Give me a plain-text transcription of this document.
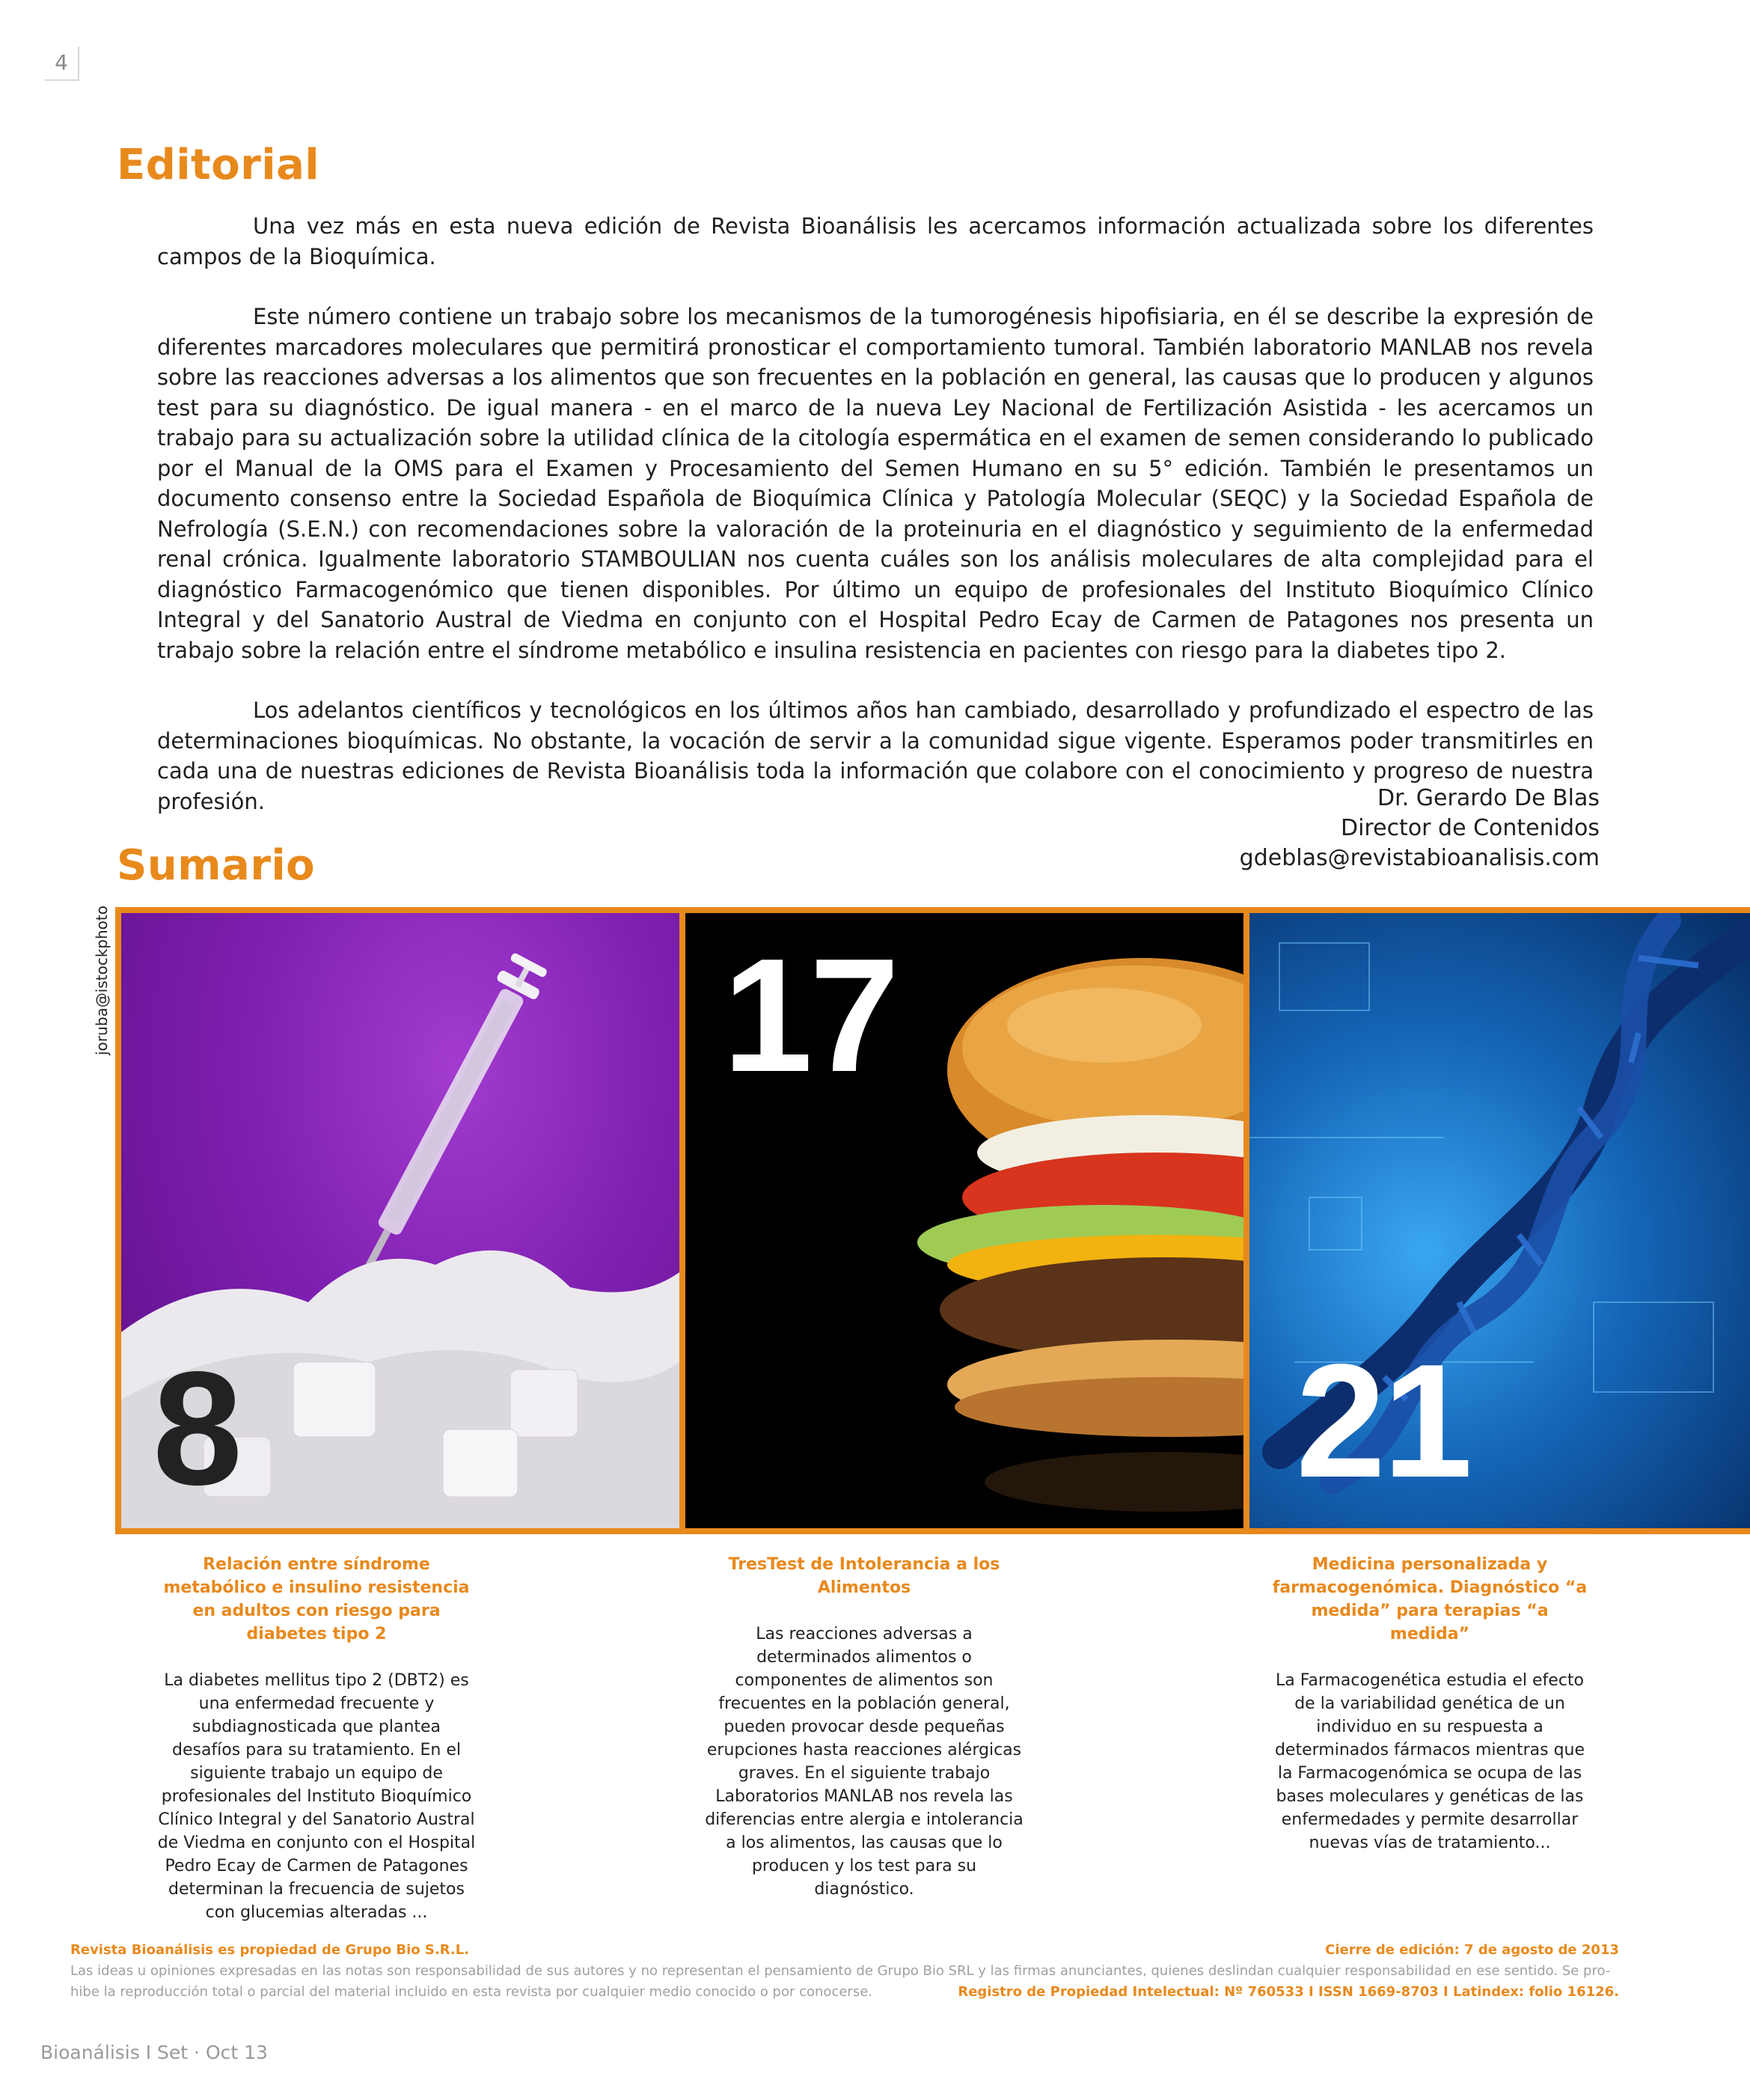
4
Editorial

Una vez más en esta nueva edición de Revista Bioanálisis les acercamos información actualizada sobre los diferentes campos de la Bioquímica.

Este número contiene un trabajo sobre los mecanismos de la tumorogénesis hipofisiaria, en él se describe la expresión de diferentes marcadores moleculares que permitirá pronosticar el comportamiento tumoral. También laboratorio MANLAB nos revela sobre las reacciones adversas a los alimentos que son frecuentes en la población en general, las causas que lo producen y algunos test para su diagnóstico. De igual manera - en el marco de la nueva Ley Nacional de Fertilización Asistida - les acercamos un trabajo para su actualización sobre la utilidad clínica de la citología espermática en el examen de semen considerando lo publicado por el Manual de la OMS para el Examen y Procesamiento del Semen Humano en su 5° edición. También le presentamos un documento consenso entre la Sociedad Española de Bioquímica Clínica y Patología Molecular (SEQC) y la Sociedad Española de Nefrología (S.E.N.) con recomendaciones sobre la valoración de la proteinuria en el diagnóstico y seguimiento de la enfermedad renal crónica. Igualmente laboratorio STAMBOULIAN nos cuenta cuáles son los análisis moleculares de alta complejidad para el diagnóstico Farmacogenómico que tienen disponibles. Por último un equipo de profesionales del Instituto Bioquímico Clínico Integral y del Sanatorio Austral de Viedma en conjunto con el Hospital Pedro Ecay de Carmen de Patagones nos presenta un trabajo sobre la relación entre el síndrome metabólico e insulina resistencia en pacientes con riesgo para la diabetes tipo 2.

Los adelantos científicos y tecnológicos en los últimos años han cambiado, desarrollado y profundizado el espectro de las determinaciones bioquímicas. No obstante, la vocación de servir a la comunidad sigue vigente. Esperamos poder transmitirles en cada una de nuestras ediciones de Revista Bioanálisis toda la información que colabore con el conocimiento y progreso de nuestra profesión.	Dr. Gerardo De Blas
Director de Contenidos
gdeblas@revistabioanalisis.com
Sumario
joruba@istockphoto
8
17
21

Relación entre síndrome metabólico e insulino resistencia en adultos con riesgo para diabetes tipo 2

La diabetes mellitus tipo 2 (DBT2) es una enfermedad frecuente y subdiagnosticada que plantea desafíos para su tratamiento. En el siguiente trabajo un equipo de profesionales del Instituto Bioquímico Clínico Integral y del Sanatorio Austral de Viedma en conjunto con el Hospital Pedro Ecay de Carmen de Patagones determinan la frecuencia de sujetos con glucemias alteradas ...

TresTest de Intolerancia a los Alimentos

Las reacciones adversas a determinados alimentos o componentes de alimentos son frecuentes en la población general, pueden provocar desde pequeñas erupciones hasta reacciones alérgicas graves. En el siguiente trabajo Laboratorios MANLAB nos revela las diferencias entre alergia e intolerancia a los alimentos, las causas que lo producen y los test para su diagnóstico.

Medicina personalizada y farmacogenómica. Diagnóstico “a medida” para terapias “a medida”

La Farmacogenética estudia el efecto de la variabilidad genética de un individuo en su respuesta a determinados fármacos mientras que la Farmacogenómica se ocupa de las bases moleculares y genéticas de las enfermedades y permite desarrollar nuevas vías de tratamiento...

Revista Bioanálisis es propiedad de Grupo Bio S.R.L.	Cierre de edición: 7 de agosto de 2013
Las ideas u opiniones expresadas en las notas son responsabilidad de sus autores y no representan el pensamiento de Grupo Bio SRL y las firmas anunciantes, quienes deslindan cualquier responsabilidad en ese sentido. Se pro-
hibe la reproducción total o parcial del material incluido en esta revista por cualquier medio conocido o por conocerse.	Registro de Propiedad Intelectual: Nº 760533 I ISSN 1669-8703 I Latindex: folio 16126.
Bioanálisis I Set · Oct 13
